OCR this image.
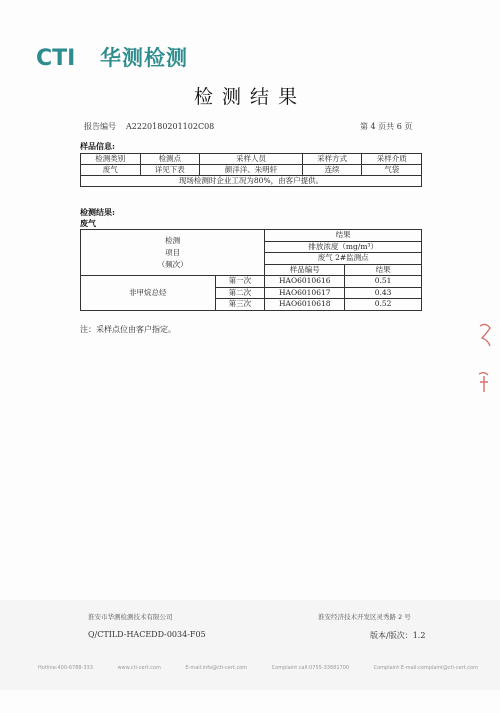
CTI 华测检测
检测结果
报告编号 A2220180201102C08	第 4 页共 6 页
样品信息:
检测类别	检测点	采样人员	采样方式	采样介质
废气	详见下表	颜洋洋、朱明轩	连续	气袋
现场检测时企业工况为80%，由客户提供。				
检测结果:
废气
检测
项目
（频次）		结果	
		排放浓度（mg/m³）	
		废气 2#监测点	
		样品编号	结果
非甲烷总烃	第一次	HAO6010616	0.51
	第二次	HAO6010617	0.43
	第三次	HAO6010618	0.52
注：采样点位由客户指定。
淮安市华测检测技术有限公司	淮安经济技术开发区灵秀路 2 号
Q/CTILD-HACEDD-0034-F05	版本/版次：1.2
Hotline:400-6788-333	www.cti-cert.com	E-mail:info@cti-cert.com	Complaint call:0755-33681700	Complaint E-mail:complaint@cti-cert.com
